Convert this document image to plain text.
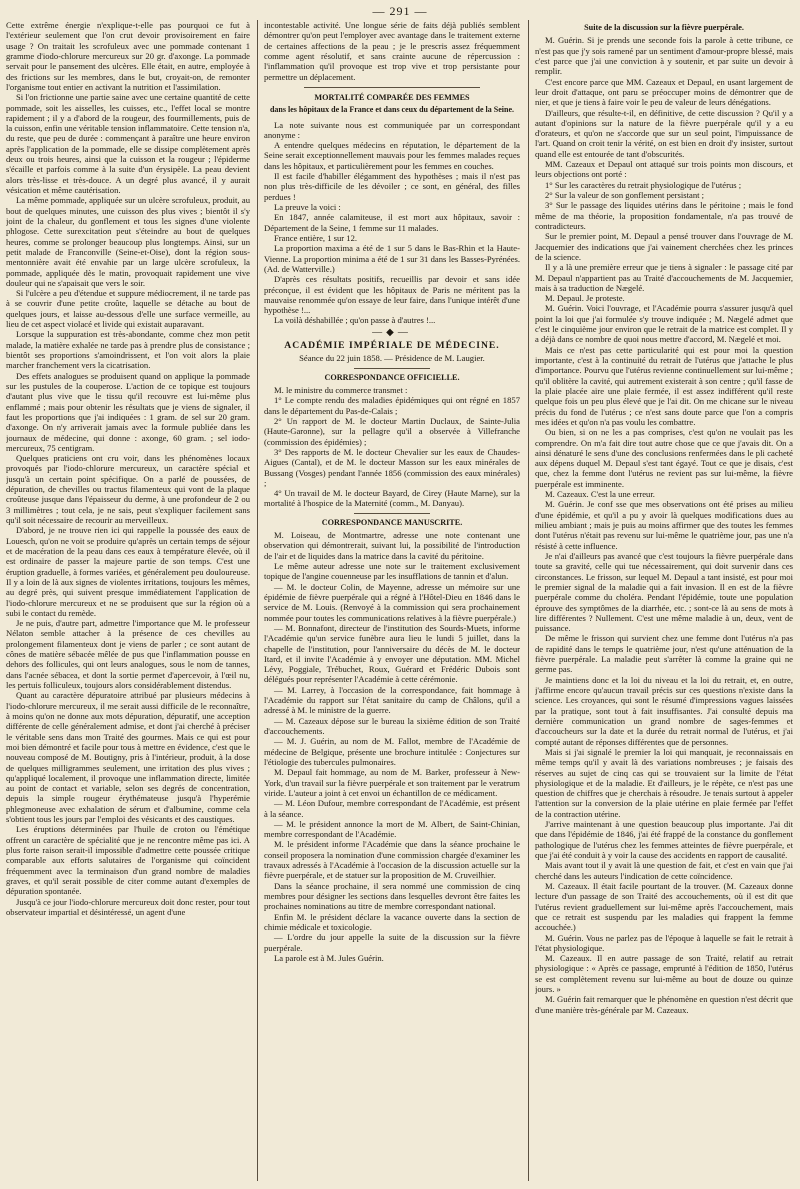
— 291 —

Cette extrême énergie n'explique-t-elle pas pourquoi ce fut à l'extérieur seulement que l'on crut devoir provisoirement en faire usage ? On traitait les scrofuleux avec une pommade contenant 1 gramme d'iodo-chlorure mercureux sur 20 gr. d'axonge. La pommade servait pour le pansement des ulcères. Elle était, en autre, employée à des frictions sur les membres, dans le but, croyait-on, de remonter l'organisme tout entier en activant la nutrition et l'assimilation.

Si l'on frictionne une partie saine avec une certaine quantité de cette pommade, soit les aisselles, les cuisses, etc., l'effet local se montre rapidement ; il y a d'abord de la rougeur, des fourmillements, puis de la cuisson, enfin une véritable tension inflammatoire. Cette tension n'a, du reste, que peu de durée : commençant à paraître une heure environ après l'application de la pommade, elle se dissipe complètement après deux ou trois heures, ainsi que la cuisson et la rougeur ; l'épiderme s'écaille et parfois comme à la suite d'un érysipèle. La peau devient alors très-lisse et très-douce. A un degré plus avancé, il y aurait vésication et même cautérisation.

La même pommade, appliquée sur un ulcère scrofuleux, produit, au bout de quelques minutes, une cuisson des plus vives ; bientôt il s'y joint de la chaleur, du gonflement et tous les signes d'une violente phlogose. Cette surexcitation peut s'éteindre au bout de quelques heures, comme se prolonger beaucoup plus longtemps. Ainsi, sur un petit malade de Franconville (Seine-et-Oise), dont la région sous-mentonnière avait été envahie par un large ulcère scrofuleux, la pommade, appliquée dès le matin, provoquait rapidement une vive douleur qui ne s'apaisait que vers le soir.

Si l'ulcère a peu d'étendue et suppure médiocrement, il ne tarde pas à se couvrir d'une petite croûte, laquelle se détache au bout de quelques jours, et laisse au-dessous d'elle une surface vermeille, au lieu de cet aspect violacé et livide qui existait auparavant.

Lorsque la suppuration est très-abondante, comme chez mon petit malade, la matière exhalée ne tarde pas à prendre plus de consistance ; bientôt ses proportions s'amoindrissent, et l'on voit alors la plaie marcher franchement vers la cicatrisation.

Des effets analogues se produisent quand on applique la pommade sur les pustules de la couperose. L'action de ce topique est toujours d'autant plus vive que le tissu qu'il recouvre est lui-même plus enflammé ; mais pour obtenir les résultats que je viens de signaler, il faut les proportions que j'ai indiquées : 1 gram. de sel sur 20 gram. d'axonge. On n'y arriverait jamais avec la formule publiée dans les journaux de médecine, qui donne : axonge, 60 gram. ; sel iodo-mercureux, 75 centigram.

Quelques praticiens ont cru voir, dans les phénomènes locaux provoqués par l'iodo-chlorure mercureux, un caractère spécial et jusqu'à un certain point spécifique. On a parlé de poussées, de dépuration, de chevilles ou tractus filamenteux qui vont de la plaque croûteuse jusque dans l'épaisseur du derme, à une profondeur de 2 ou 3 millimètres ; tout cela, je ne sais, peut s'expliquer facilement sans qu'il soit nécessaire de recourir au merveilleux.

D'abord, je ne trouve rien ici qui rappelle la poussée des eaux de Louesch, qu'on ne voit se produire qu'après un certain temps de séjour et de macération de la peau dans ces eaux à température élevée, où il est ordinaire de passer la majeure partie de son temps. C'est une éruption graduelle, à formes variées, et généralement peu douloureuse. Il y a loin de là aux signes de violentes irritations, toujours les mêmes, au degré près, qui suivent presque immédiatement l'application de l'iodo-chlorure mercureux et ne se produisent que sur la région où a subi le contact du remède.

Je ne puis, d'autre part, admettre l'importance que M. le professeur Nélaton semble attacher à la présence de ces chevilles au prolongement filamenteux dont je viens de parler ; ce sont autant de cônes de matière sébacée mêlée de pus que l'inflammation pousse en dehors des follicules, qui ont leurs analogues, sous le nom de tannes, dans l'acnée sébacea, et dont la sortie permet d'apercevoir, à l'œil nu, les pertuis folliculeux, toujours alors considérablement distendus.

Quant au caractère dépuratoire attribué par plusieurs médecins à l'iodo-chlorure mercureux, il me serait aussi difficile de le reconnaître, à moins qu'on ne donne aux mots dépuration, dépuratif, une acception différente de celle généralement admise, et dont j'ai cherché à préciser le véritable sens dans mon Traité des gourmes. Mais ce qui est pour moi bien démontré et facile pour tous à mettre en évidence, c'est que le nouveau composé de M. Boutigny, pris à l'intérieur, produit, à la dose de quelques milligrammes seulement, une irritation des plus vives ; qu'appliqué localement, il provoque une inflammation directe, limitée au point de contact et variable, selon ses degrés de concentration, depuis la simple rougeur érythémateuse jusqu'à l'hyperémie phlegmoneuse avec exhalation de sérum et d'albumine, comme cela s'obtient tous les jours par l'emploi des vésicants et des caustiques.

Les éruptions déterminées par l'huile de croton ou l'émétique offrent un caractère de spécialité que je ne rencontre même pas ici. A plus forte raison serait-il impossible d'admettre cette poussée critique comparable aux efforts salutaires de l'organisme qui coïncident fréquemment avec la terminaison d'un grand nombre de maladies graves, et qu'il serait possible de citer comme autant d'exemples de dépuration spontanée.

Jusqu'à ce jour l'iodo-chlorure mercureux doit donc rester, pour tout observateur impartial et désintéressé, un agent d'une

incontestable activité. Une longue série de faits déjà publiés semblent démontrer qu'on peut l'employer avec avantage dans le traitement externe de certaines affections de la peau ; je le prescris assez fréquemment comme agent résolutif, et sans crainte aucune de répercussion : l'inflammation qu'il provoque est trop vive et trop persistante pour permettre un déplacement.

MORTALITÉ COMPARÉE DES FEMMES
dans les hôpitaux de la France et dans ceux du département de la Seine.

La note suivante nous est communiquée par un correspondant anonyme :

A entendre quelques médecins en réputation, le département de la Seine serait exceptionnellement mauvais pour les femmes malades reçues dans les hôpitaux, et particulièrement pour les femmes en couches.

Il est facile d'habiller élégamment des hypothèses ; mais il n'est pas non plus très-difficile de les dévoiler ; ce sont, en général, des filles perdues !

La preuve la voici :

En 1847, année calamiteuse, il est mort aux hôpitaux, savoir : Département de la Seine, 1 femme sur 11 malades.

France entière, 1 sur 12.

La proportion maxima a été de 1 sur 5 dans le Bas-Rhin et la Haute-Vienne. La proportion minima a été de 1 sur 31 dans les Basses-Pyrénées. (Ad. de Watterville.)

D'après ces résultats positifs, recueillis par devoir et sans idée préconçue, il est évident que les hôpitaux de Paris ne méritent pas la mauvaise renommée qu'on essaye de leur faire, dans l'unique intérêt d'une hypothèse !...

La voilà déshabillée ; qu'on passe à d'autres !...

—◆—
ACADÉMIE IMPÉRIALE DE MÉDECINE.

Séance du 22 juin 1858. — Présidence de M. Laugier.

CORRESPONDANCE OFFICIELLE.

M. le ministre du commerce transmet :

1° Le compte rendu des maladies épidémiques qui ont régné en 1857 dans le département du Pas-de-Calais ;

2° Un rapport de M. le docteur Martin Duclaux, de Sainte-Julia (Haute-Garonne), sur la pellagre qu'il a observée à Villefranche (commission des épidémies) ;

3° Des rapports de M. le docteur Chevalier sur les eaux de Chaudes-Aigues (Cantal), et de M. le docteur Masson sur les eaux minérales de Bussang (Vosges) pendant l'année 1856 (commission des eaux minérales) ;

4° Un travail de M. le docteur Bayard, de Cirey (Haute Marne), sur la mortalité à l'hospice de la Maternité (comm., M. Danyau).

CORRESPONDANCE MANUSCRITE.

M. Loiseau, de Montmartre, adresse une note contenant une observation qui démontrerait, suivant lui, la possibilité de l'introduction de l'air et de liquides dans la matrice dans la cavité du péritoine.

Le même auteur adresse une note sur le traitement exclusivement topique de l'angine couenneuse par les insufflations de tannin et d'alun.

— M. le docteur Colin, de Mayenne, adresse un mémoire sur une épidémie de fièvre puerpérale qui a régné à l'Hôtel-Dieu en 1846 dans le service de M. Louis. (Renvoyé à la commission qui sera prochainement nommée pour toutes les communications relatives à la fièvre puerpérale.)

— M. Bonnafont, directeur de l'institution des Sourds-Muets, informe l'Académie qu'un service funèbre aura lieu le lundi 5 juillet, dans la chapelle de l'institution, pour l'anniversaire du décès de M. le docteur Itard, et il invite l'Académie à y envoyer une députation. MM. Michel Lévy, Poggiale, Trébuchet, Roux, Guérard et Frédéric Dubois sont délégués pour représenter l'Académie à cette cérémonie.

— M. Larrey, à l'occasion de la correspondance, fait hommage à l'Académie du rapport sur l'état sanitaire du camp de Châlons, qu'il a adressé à M. le ministre de la guerre.

— M. Cazeaux dépose sur le bureau la sixième édition de son Traité d'accouchements.

— M. J. Guérin, au nom de M. Fallot, membre de l'Académie de médecine de Belgique, présente une brochure intitulée : Conjectures sur l'étiologie des tubercules pulmonaires.

M. Depaul fait hommage, au nom de M. Barker, professeur à New-York, d'un travail sur la fièvre puerpérale et son traitement par le veratrum viride. L'auteur a joint à cet envoi un échantillon de ce médicament.

— M. Léon Dufour, membre correspondant de l'Académie, est présent à la séance.

— M. le président annonce la mort de M. Albert, de Saint-Chinian, membre correspondant de l'Académie.

M. le président informe l'Académie que dans la séance prochaine le conseil proposera la nomination d'une commission chargée d'examiner les travaux adressés à l'Académie à l'occasion de la discussion actuelle sur la fièvre puerpérale, et de statuer sur la proposition de M. Cruveilhier.

Dans la séance prochaine, il sera nommé une commission de cinq membres pour désigner les sections dans lesquelles devront être faites les prochaines nominations au titre de membre correspondant national.

Enfin M. le président déclare la vacance ouverte dans la section de chimie médicale et toxicologie.

— L'ordre du jour appelle la suite de la discussion sur la fièvre puerpérale.

La parole est à M. Jules Guérin.

Suite de la discussion sur la fièvre puerpérale.

M. Guérin. Si je prends une seconde fois la parole à cette tribune, ce n'est pas que j'y sois ramené par un sentiment d'amour-propre blessé, mais c'est parce que j'ai une conviction à y soutenir, et par suite un devoir à remplir.

C'est encore parce que MM. Cazeaux et Depaul, en usant largement de leur droit d'attaque, ont paru se préoccuper moins de démontrer que de nier, et que je tiens à faire voir le peu de valeur de leurs dénégations.

D'ailleurs, que résulte-t-il, en définitive, de cette discussion ? Qu'il y a autant d'opinions sur la nature de la fièvre puerpérale qu'il y a eu d'orateurs, et qu'on ne s'accorde que sur un seul point, l'impuissance de l'art. Quand on croit tenir la vérité, on est bien en droit d'y insister, surtout quand elle est entourée de tant d'obscurités.

MM. Cazeaux et Depaul ont attaqué sur trois points mon discours, et leurs objections ont porté :

1° Sur les caractères du retrait physiologique de l'utérus ;

2° Sur la valeur de son gonflement persistant ;

3° Sur le passage des liquides utérins dans le péritoine ; mais le fond même de ma théorie, la proposition fondamentale, n'a pas trouvé de contradicteurs.

Sur le premier point, M. Depaul a pensé trouver dans l'ouvrage de M. Jacquemier des indications que j'ai vainement cherchées chez les princes de la science.

Il y a là une première erreur que je tiens à signaler : le passage cité par M. Depaul n'appartient pas au Traité d'accouchements de M. Jacquemier, mais à sa traduction de Nægelé.

M. Depaul. Je proteste.

M. Guérin. Voici l'ouvrage, et l'Académie pourra s'assurer jusqu'à quel point la loi que j'ai formulée s'y trouve indiquée ; M. Nægelé admet que c'est le cinquième jour environ que le retrait de la matrice est complet. Il y a déjà dans ce nombre de quoi nous mettre d'accord, M. Nægelé et moi.

Mais ce n'est pas cette particularité qui est pour moi la question importante, c'est à la continuité du retrait de l'utérus que j'attache le plus d'importance. Pourvu que l'utérus revienne continuellement sur lui-même ; qu'il oblitère la cavité, qui autrement existerait à son centre ; qu'il fasse de la plaie placée aire une plaie fermée, il est assez indifférent qu'il reste quelque fois un peu plus élevé que je l'ai dit. On me chicane sur le niveau précis du fond de l'utérus ; ce n'est sans doute parce que l'on a compris mes idées et qu'on n'a pas voulu les combattre.

Ou bien, si on ne les a pas comprises, c'est qu'on ne voulait pas les comprendre. On m'a fait dire tout autre chose que ce que j'avais dit. On a ainsi dénaturé le sens d'une des conclusions renfermées dans le pli cacheté aux dépens duquel M. Depaul s'est tant égayé. Tout ce que je disais, c'est que, chez la femme dont l'utérus ne revient pas sur lui-même, la fièvre puerpérale est imminente.

M. Cazeaux. C'est la une erreur.

M. Guérin. Je conf sse que mes observations ont été prises au milieu d'une épidémie, et qu'il a pu y avoir là quelques modifications dues au milieu ambiant ; mais je puis au moins affirmer que des toutes les femmes dont l'utérus n'était pas revenu sur lui-même le quatrième jour, pas une n'a résisté à cette influence.

Je n'ai d'ailleurs pas avancé que c'est toujours la fièvre puerpérale dans toute sa gravité, celle qui tue nécessairement, qui doit survenir dans ces circonstances. Le frisson, sur lequel M. Depaul a tant insisté, est pour moi le premier signal de la maladie qui a fait invasion. Il en est de la fièvre puerpérale comme du choléra. Pendant l'épidémie, toute une population éprouve des symptômes de la diarrhée, etc. ; sont-ce là au sens de mots à lire différentes ? Nullement. C'est une même maladie à un, deux, vent de puissance.

De même le frisson qui survient chez une femme dont l'utérus n'a pas de rapidité dans le temps le quatrième jour, n'est qu'une atténuation de la fièvre puerpérale. La maladie peut s'arrêter là comme la graine qui ne germe pas.

Je maintiens donc et la loi du niveau et la loi du retrait, et, en outre, j'affirme encore qu'aucun travail précis sur ces questions n'existe dans la science. Les croyances, qui sont le résumé d'impressions vagues laissées par la pratique, sont tout à fait insuffisantes. J'ai consulté depuis ma dernière communication un grand nombre de sages-femmes et d'accoucheurs sur la date et la durée du retrait normal de l'utérus, et j'ai compté autant de réponses différentes que de personnes.

Mais si j'ai signalé le premier la loi qui manquait, je reconnaissais en même temps qu'il y avait là des variations nombreuses ; je faisais des réserves au sujet de cinq cas qui se trouvaient sur la limite de l'état physiologique et de la maladie. Et d'ailleurs, je le répète, ce n'est pas une question de chiffres que je cherchais à résoudre. Je tenais surtout à appeler l'attention sur la conversion de la plaie utérine en plaie fermée par l'effet de la contraction utérine.

J'arrive maintenant à une question beaucoup plus importante. J'ai dit que dans l'épidémie de 1846, j'ai été frappé de la constance du gonflement pathologique de l'utérus chez les femmes atteintes de fièvre puerpérale, et que j'ai été conduit à y voir la cause des accidents en rapport de causalité.

Mais avant tout il y avait là une question de fait, et c'est en vain que j'ai cherché dans les auteurs l'indication de cette coïncidence.

M. Cazeaux. Il était facile pourtant de la trouver. (M. Cazeaux donne lecture d'un passage de son Traité des accouchements, où il est dit que l'utérus revient graduellement sur lui-même après l'accouchement, mais que ce retrait est suspendu par les maladies qui frappent la femme accouchée.)

M. Guérin. Vous ne parlez pas de l'époque à laquelle se fait le retrait à l'état physiologique.

M. Cazeaux. Il en autre passage de son Traité, relatif au retrait physiologique : « Après ce passage, emprunté à l'édition de 1850, l'utérus se est complètement revenu sur lui-même au bout de douze ou quinze jours. »

M. Guérin fait remarquer que le phénomène en question n'est décrit que d'une manière très-générale par M. Cazeaux.
